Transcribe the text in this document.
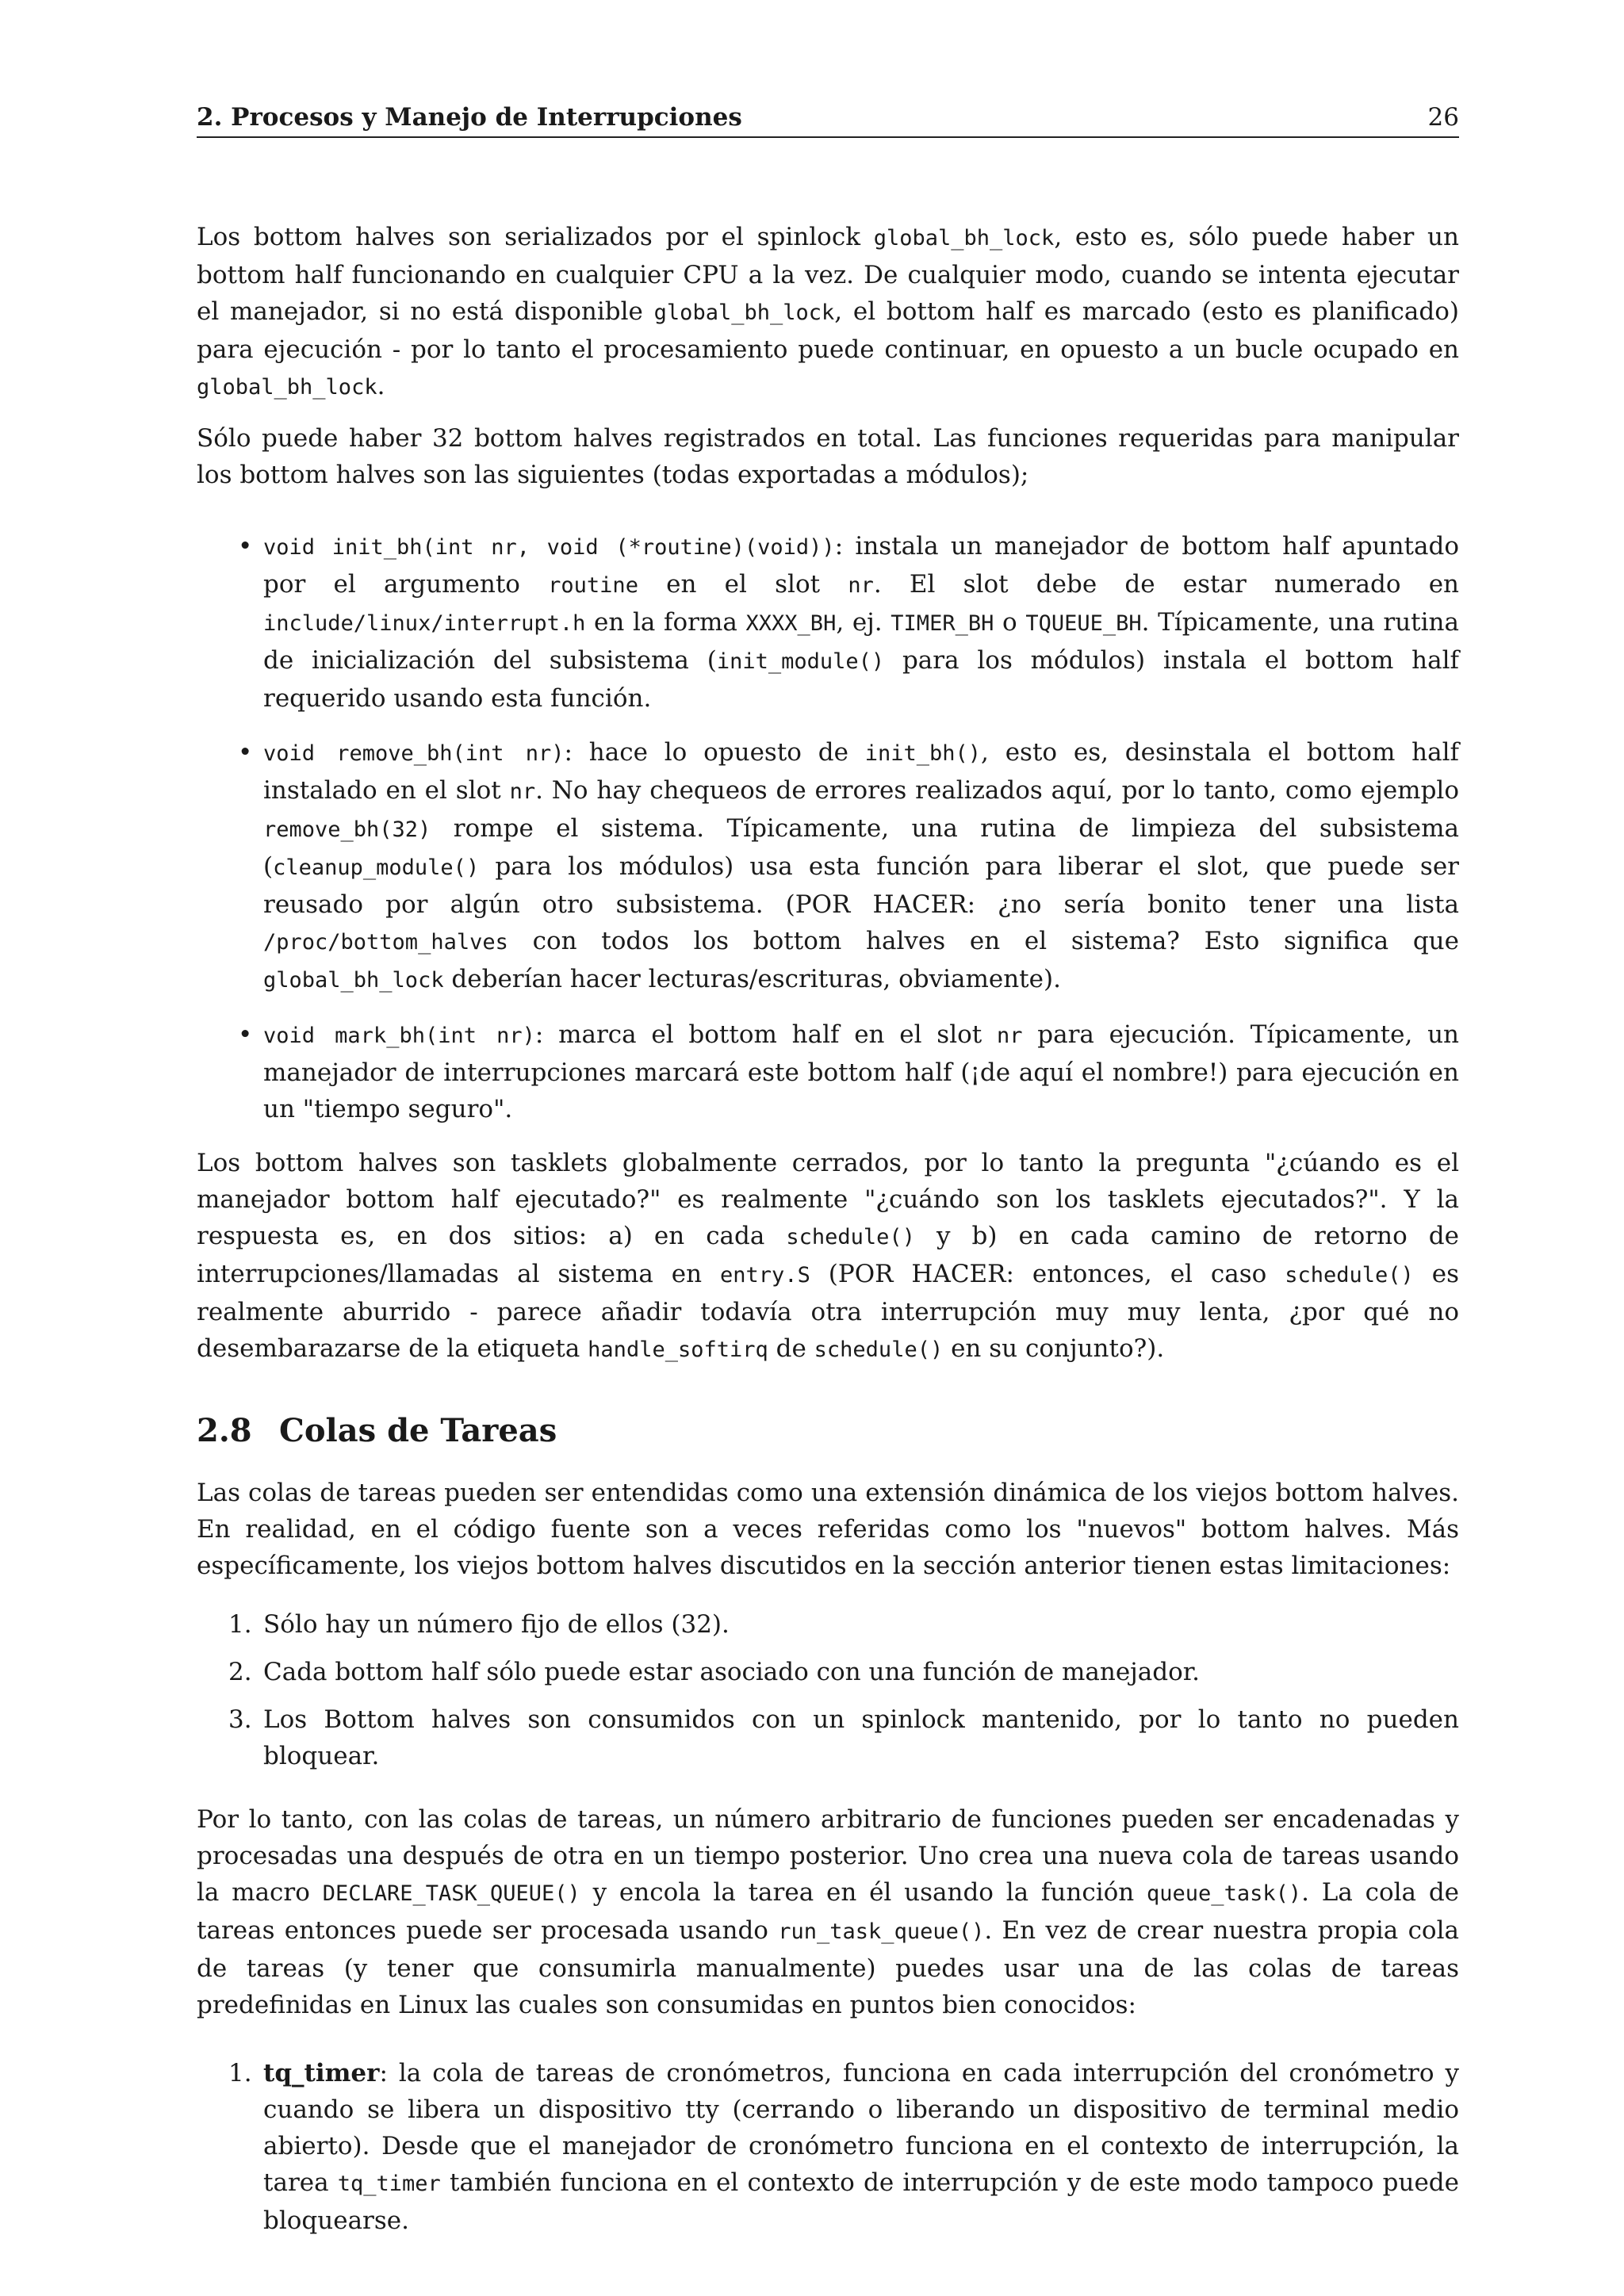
2. Procesos y Manejo de Interrupciones	26

Los bottom halves son serializados por el spinlock global_bh_lock, esto es, sólo puede haber un bottom half funcionando en cualquier CPU a la vez. De cualquier modo, cuando se intenta ejecutar el manejador, si no está disponible global_bh_lock, el bottom half es marcado (esto es planificado) para ejecución - por lo tanto el procesamiento puede continuar, en opuesto a un bucle ocupado en global_bh_lock.

Sólo puede haber 32 bottom halves registrados en total. Las funciones requeridas para manipular los bottom halves son las siguientes (todas exportadas a módulos);

• void init_bh(int nr, void (*routine)(void)): instala un manejador de bottom half apuntado por el argumento routine en el slot nr. El slot debe de estar numerado en include/linux/interrupt.h en la forma XXXX_BH, ej. TIMER_BH o TQUEUE_BH. Típicamente, una rutina de inicialización del subsistema (init_module() para los módulos) instala el bottom half requerido usando esta función.
• void remove_bh(int nr): hace lo opuesto de init_bh(), esto es, desinstala el bottom half instalado en el slot nr. No hay chequeos de errores realizados aquí, por lo tanto, como ejemplo remove_bh(32) rompe el sistema. Típicamente, una rutina de limpieza del subsistema (cleanup_module() para los módulos) usa esta función para liberar el slot, que puede ser reusado por algún otro subsistema. (POR HACER: ¿no sería bonito tener una lista /proc/bottom_halves con todos los bottom halves en el sistema? Esto significa que global_bh_lock deberían hacer lecturas/escrituras, obviamente).
• void mark_bh(int nr): marca el bottom half en el slot nr para ejecución. Típicamente, un manejador de interrupciones marcará este bottom half (¡de aquí el nombre!) para ejecución en un "tiempo seguro".

Los bottom halves son tasklets globalmente cerrados, por lo tanto la pregunta "¿cúando es el manejador bottom half ejecutado?" es realmente "¿cuándo son los tasklets ejecutados?". Y la respuesta es, en dos sitios: a) en cada schedule() y b) en cada camino de retorno de interrupciones/llamadas al sistema en entry.S (POR HACER: entonces, el caso schedule() es realmente aburrido - parece añadir todavía otra interrupción muy muy lenta, ¿por qué no desembarazarse de la etiqueta handle_softirq de schedule() en su conjunto?).

2.8 Colas de Tareas

Las colas de tareas pueden ser entendidas como una extensión dinámica de los viejos bottom halves. En realidad, en el código fuente son a veces referidas como los "nuevos" bottom halves. Más específicamente, los viejos bottom halves discutidos en la sección anterior tienen estas limitaciones:

1. Sólo hay un número fijo de ellos (32).
2. Cada bottom half sólo puede estar asociado con una función de manejador.
3. Los Bottom halves son consumidos con un spinlock mantenido, por lo tanto no pueden bloquear.

Por lo tanto, con las colas de tareas, un número arbitrario de funciones pueden ser encadenadas y procesadas una después de otra en un tiempo posterior. Uno crea una nueva cola de tareas usando la macro DECLARE_TASK_QUEUE() y encola la tarea en él usando la función queue_task(). La cola de tareas entonces puede ser procesada usando run_task_queue(). En vez de crear nuestra propia cola de tareas (y tener que consumirla manualmente) puedes usar una de las colas de tareas predefinidas en Linux las cuales son consumidas en puntos bien conocidos:

1. tq_timer: la cola de tareas de cronómetros, funciona en cada interrupción del cronómetro y cuando se libera un dispositivo tty (cerrando o liberando un dispositivo de terminal medio abierto). Desde que el manejador de cronómetro funciona en el contexto de interrupción, la tarea tq_timer también funciona en el contexto de interrupción y de este modo tampoco puede bloquearse.
